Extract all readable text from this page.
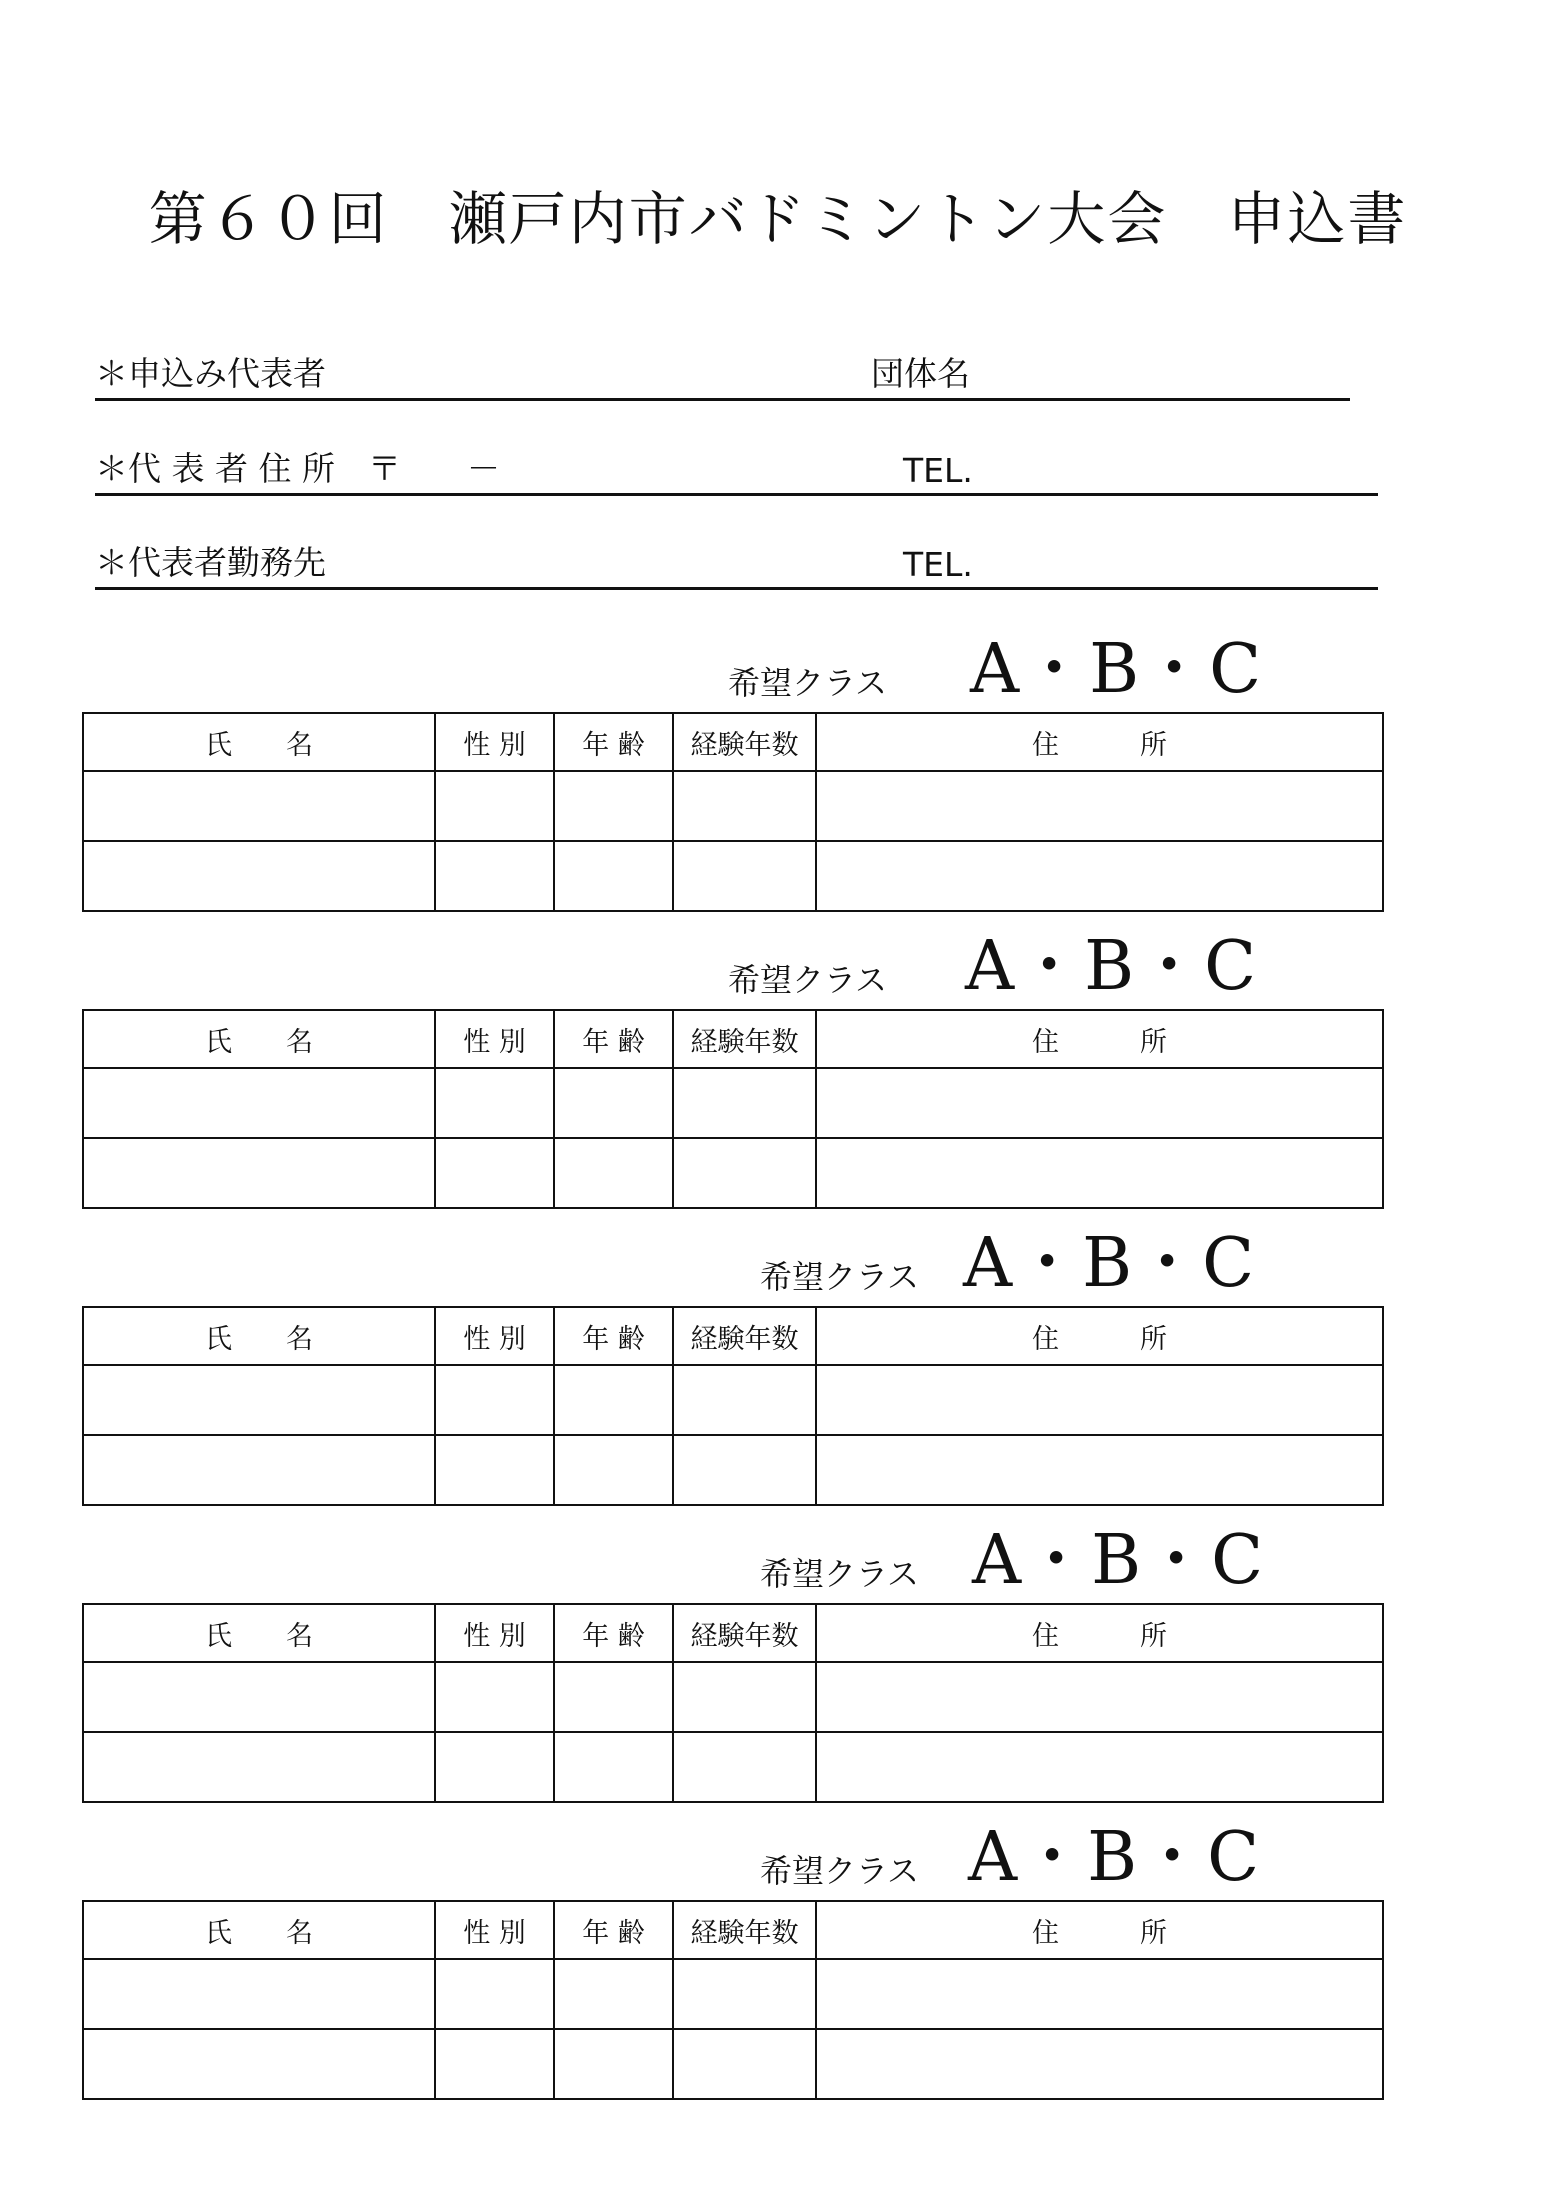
第６０回　瀬戸内市バドミントン大会　申込書
＊申込み代表者	団体名
＊代 表 者 住 所　〒　　－	TEL.
＊代表者勤務先	TEL.
希望クラス A・B・C
氏　　名	性 別	年 齢	経験年数	住　　　所

希望クラス A・B・C
氏　　名	性 別	年 齢	経験年数	住　　　所

希望クラス A・B・C
氏　　名	性 別	年 齢	経験年数	住　　　所

希望クラス A・B・C
氏　　名	性 別	年 齢	経験年数	住　　　所

希望クラス A・B・C
氏　　名	性 別	年 齢	経験年数	住　　　所
